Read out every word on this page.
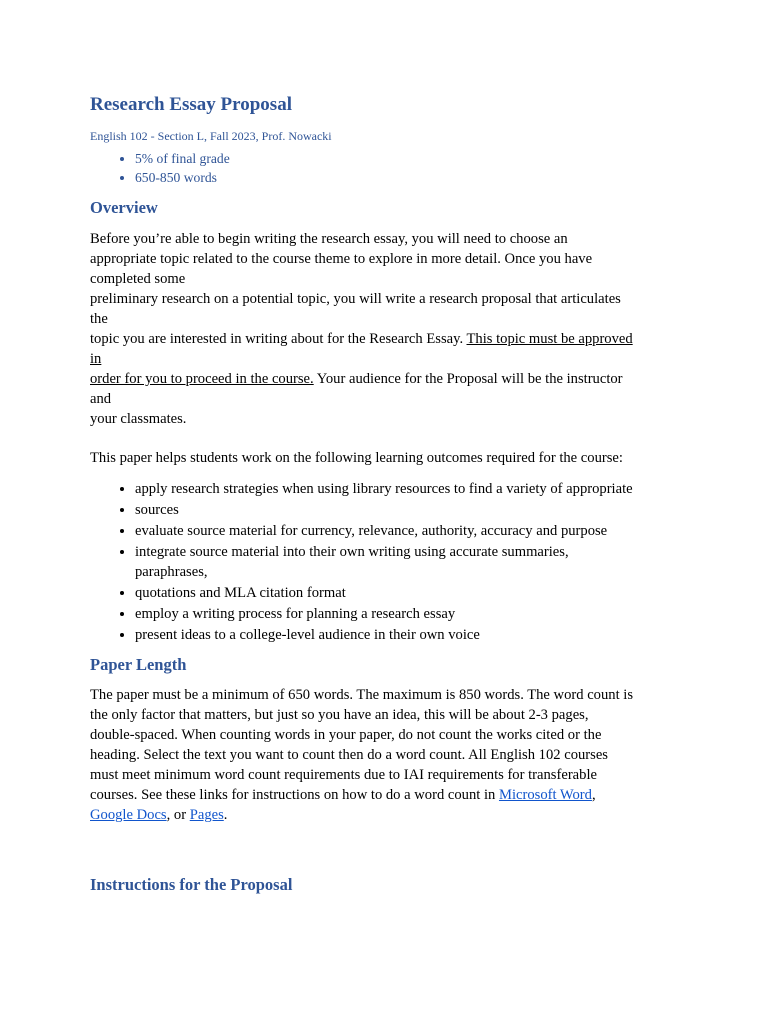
Research Essay Proposal

English 102 - Section L, Fall 2023, Prof. Nowacki

• 5% of final grade
• 650-850 words
Overview

Before you’re able to begin writing the research essay, you will need to choose an

appropriate topic related to the course theme to explore in more detail. Once you have

completed some

preliminary research on a potential topic, you will write a research proposal that articulates

the

topic you are interested in writing about for the Research Essay. This topic must be approved

in

order for you to proceed in the course. Your audience for the Proposal will be the instructor

and

your classmates.

This paper helps students work on the following learning outcomes required for the course:

• apply research strategies when using library resources to find a variety of appropriate
• sources
• evaluate source material for currency, relevance, authority, accuracy and purpose
• integrate source material into their own writing using accurate summaries, paraphrases,
• quotations and MLA citation format
• employ a writing process for planning a research essay
• present ideas to a college-level audience in their own voice
Paper Length

The paper must be a minimum of 650 words. The maximum is 850 words. The word count is

the only factor that matters, but just so you have an idea, this will be about 2-3 pages,

double-spaced. When counting words in your paper, do not count the works cited or the

heading. Select the text you want to count then do a word count. All English 102 courses

must meet minimum word count requirements due to IAI requirements for transferable

courses. See these links for instructions on how to do a word count in Microsoft Word,

Google Docs, or Pages.

Instructions for the Proposal
